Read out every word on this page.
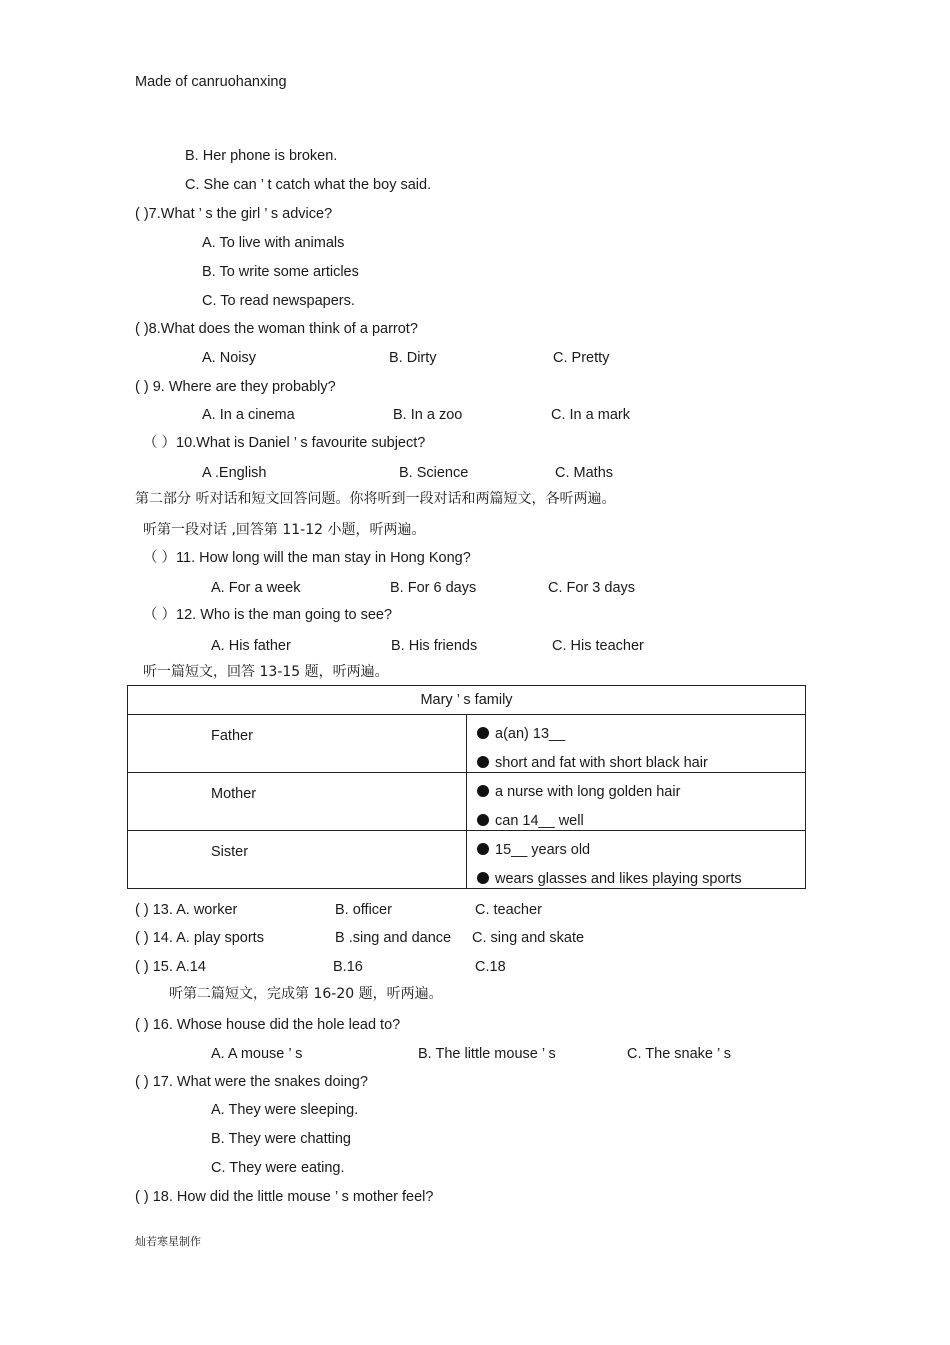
Made of canruohanxing
B. Her phone is broken.
C. She can ’ t catch what the boy said.
( )7.What ’ s the girl ’ s advice?
A. To live with animals
B. To write some articles
C. To read newspapers.
( )8.What does the woman think of a parrot?
A. Noisy	B. Dirty	C. Pretty
( ) 9. Where are they probably?
A. In a cinema	B. In a zoo	C. In a mark
（ ）10.What is Daniel ’ s favourite subject?
A .English	B. Science	C. Maths
第二部分 听对话和短文回答问题。你将听到一段对话和两篇短文，各听两遍。
听第一段对话 ,回答第 11-12 小题，听两遍。
（ ）11. How long will the man stay in Hong Kong?
A. For a week	B. For 6 days	C. For 3 days
（ ）12. Who is the man going to see?
A. His father	B. His friends	C. His teacher
听一篇短文，回答 13-15 题，听两遍。
Mary ’ s family	

Father	a(an) 13__
short and fat with short black hair

Mother	a nurse with long golden hair
can 14__ well

Sister	15__ years old
wears glasses and likes playing sports
( ) 13. A. worker	B. officer	C. teacher
( ) 14. A. play sports	B .sing and dance C. sing and skate
( ) 15. A.14	B.16	C.18
听第二篇短文，完成第 16-20 题，听两遍。
( ) 16. Whose house did the hole lead to?
A. A mouse ’ s	B. The little mouse ’ s	C. The snake ’ s
( ) 17. What were the snakes doing?
A. They were sleeping.
B. They were chatting
C. They were eating.
( ) 18. How did the little mouse ’ s mother feel?
灿若寒星制作
